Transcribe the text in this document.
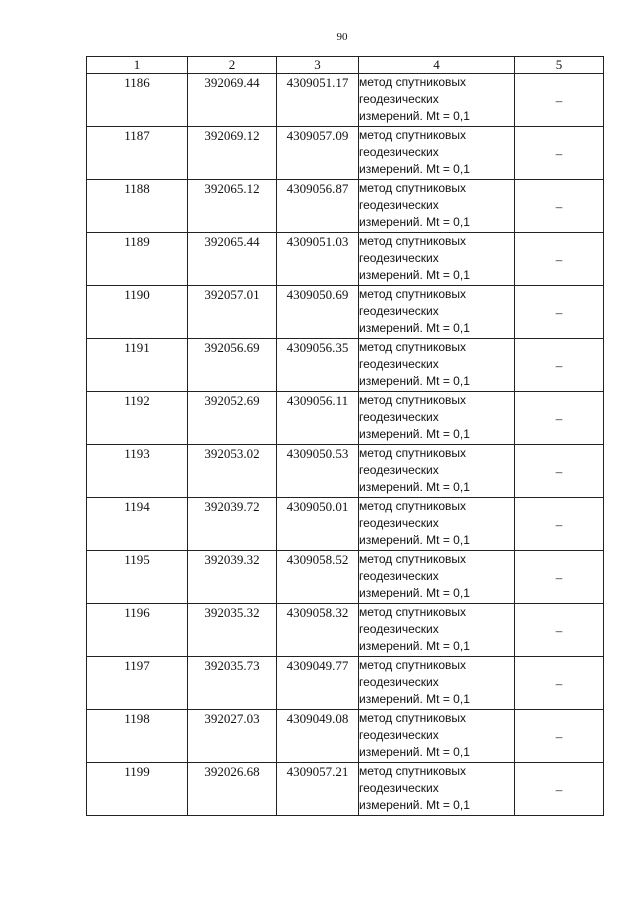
90
1	2	3	4	5
1186	392069.44	4309051.17	метод спутниковых
геодезических
измерений. Mt = 0,1	–
1187	392069.12	4309057.09	метод спутниковых
геодезических
измерений. Mt = 0,1	–
1188	392065.12	4309056.87	метод спутниковых
геодезических
измерений. Mt = 0,1	–
1189	392065.44	4309051.03	метод спутниковых
геодезических
измерений. Mt = 0,1	–
1190	392057.01	4309050.69	метод спутниковых
геодезических
измерений. Mt = 0,1	–
1191	392056.69	4309056.35	метод спутниковых
геодезических
измерений. Mt = 0,1	–
1192	392052.69	4309056.11	метод спутниковых
геодезических
измерений. Mt = 0,1	–
1193	392053.02	4309050.53	метод спутниковых
геодезических
измерений. Mt = 0,1	–
1194	392039.72	4309050.01	метод спутниковых
геодезических
измерений. Mt = 0,1	–
1195	392039.32	4309058.52	метод спутниковых
геодезических
измерений. Mt = 0,1	–
1196	392035.32	4309058.32	метод спутниковых
геодезических
измерений. Mt = 0,1	–
1197	392035.73	4309049.77	метод спутниковых
геодезических
измерений. Mt = 0,1	–
1198	392027.03	4309049.08	метод спутниковых
геодезических
измерений. Mt = 0,1	–
1199	392026.68	4309057.21	метод спутниковых
геодезических
измерений. Mt = 0,1	–
